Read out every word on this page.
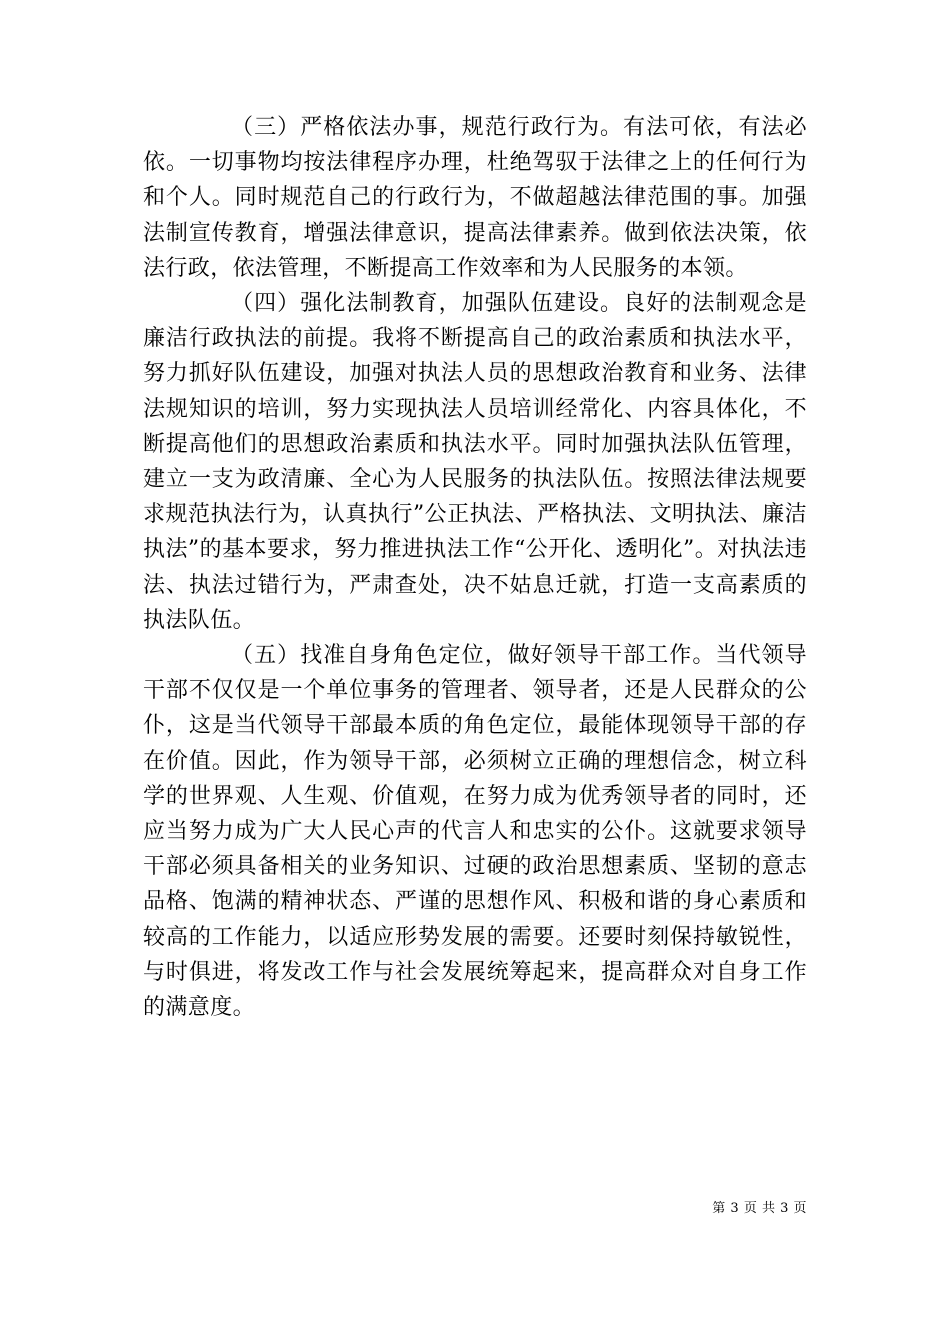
（三）严格依法办事，规范行政行为。有法可依，有法必依。一切事物均按法律程序办理，杜绝驾驭于法律之上的任何行为和个人。同时规范自己的行政行为，不做超越法律范围的事。加强法制宣传教育，增强法律意识，提高法律素养。做到依法决策，依法行政，依法管理，不断提高工作效率和为人民服务的本领。

（四）强化法制教育，加强队伍建设。良好的法制观念是廉洁行政执法的前提。我将不断提高自己的政治素质和执法水平，努力抓好队伍建设，加强对执法人员的思想政治教育和业务、法律法规知识的培训，努力实现执法人员培训经常化、内容具体化，不断提高他们的思想政治素质和执法水平。同时加强执法队伍管理，建立一支为政清廉、全心为人民服务的执法队伍。按照法律法规要求规范执法行为，认真执行”公正执法、严格执法、文明执法、廉洁执法”的基本要求，努力推进执法工作“公开化、透明化”。对执法违法、执法过错行为，严肃查处，决不姑息迁就，打造一支高素质的执法队伍。

（五）找准自身角色定位，做好领导干部工作。当代领导干部不仅仅是一个单位事务的管理者、领导者，还是人民群众的公仆，这是当代领导干部最本质的角色定位，最能体现领导干部的存在价值。因此，作为领导干部，必须树立正确的理想信念，树立科学的世界观、人生观、价值观，在努力成为优秀领导者的同时，还应当努力成为广大人民心声的代言人和忠实的公仆。这就要求领导干部必须具备相关的业务知识、过硬的政治思想素质、坚韧的意志品格、饱满的精神状态、严谨的思想作风、积极和谐的身心素质和较高的工作能力，以适应形势发展的需要。还要时刻保持敏锐性，与时俱进，将发改工作与社会发展统筹起来，提高群众对自身工作的满意度。

第 3 页 共 3 页
